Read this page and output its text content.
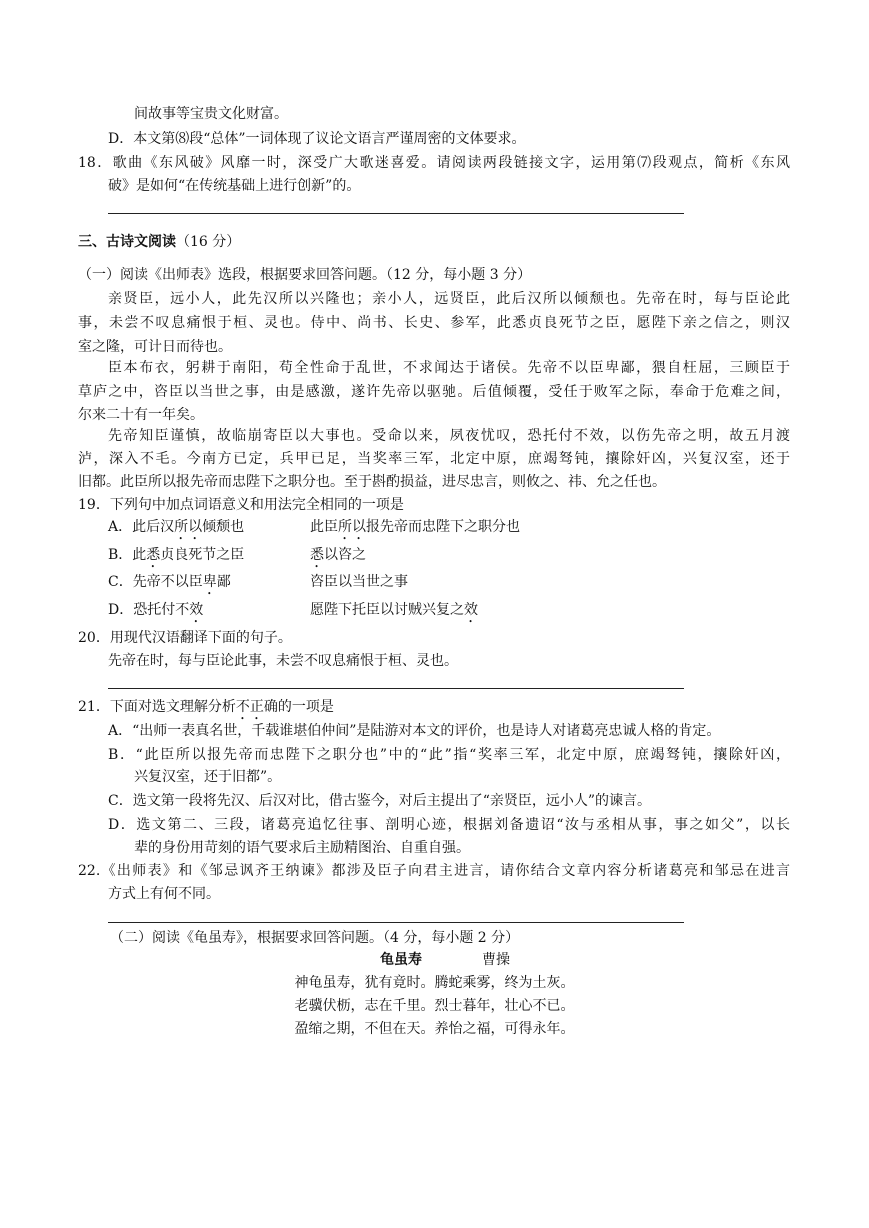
间故事等宝贵文化财富。
D．本文第⑻段“总体”一词体现了议论文语言严谨周密的文体要求。
18．歌曲《东风破》风靡一时，深受广大歌迷喜爱。请阅读两段链接文字，运用第⑺段观点，简析《东风
破》是如何“在传统基础上进行创新”的。
三、古诗文阅读（16 分）
（一）阅读《出师表》选段，根据要求回答问题。（12 分，每小题 3 分）
亲贤臣，远小人，此先汉所以兴隆也；亲小人，远贤臣，此后汉所以倾颓也。先帝在时，每与臣论此
事，未尝不叹息痛恨于桓、灵也。侍中、尚书、长史、参军，此悉贞良死节之臣，愿陛下亲之信之，则汉
室之隆，可计日而待也。
臣本布衣，躬耕于南阳，苟全性命于乱世，不求闻达于诸侯。先帝不以臣卑鄙，猥自枉屈，三顾臣于
草庐之中，咨臣以当世之事，由是感激，遂许先帝以驱驰。后值倾覆，受任于败军之际，奉命于危难之间，
尔来二十有一年矣。
先帝知臣谨慎，故临崩寄臣以大事也。受命以来，夙夜忧叹，恐托付不效，以伤先帝之明，故五月渡
泸，深入不毛。今南方已定，兵甲已足，当奖率三军，北定中原，庶竭驽钝，攘除奸凶，兴复汉室，还于
旧都。此臣所以报先帝而忠陛下之职分也。至于斟酌损益，进尽忠言，则攸之、祎、允之任也。
19．下列句中加点词语意义和用法完全相同的一项是
A．此后汉所以倾颓也	此臣所以报先帝而忠陛下之职分也
B．此悉贞良死节之臣	悉以咨之
C．先帝不以臣卑鄙	咨臣以当世之事
D．恐托付不效	愿陛下托臣以讨贼兴复之效
20．用现代汉语翻译下面的句子。
先帝在时，每与臣论此事，未尝不叹息痛恨于桓、灵也。
21．下面对选文理解分析不正确的一项是
A．“出师一表真名世，千载谁堪伯仲间”是陆游对本文的评价，也是诗人对诸葛亮忠诚人格的肯定。
B．“此臣所以报先帝而忠陛下之职分也”中的“此”指“奖率三军，北定中原，庶竭驽钝，攘除奸凶，
兴复汉室，还于旧都”。
C．选文第一段将先汉、后汉对比，借古鉴今，对后主提出了“亲贤臣，远小人”的谏言。
D．选文第二、三段，诸葛亮追忆往事、剖明心迹，根据刘备遗诏“汝与丞相从事，事之如父”，以长
辈的身份用苛刻的语气要求后主励精图治、自重自强。
22.《出师表》和《邹忌讽齐王纳谏》都涉及臣子向君主进言，请你结合文章内容分析诸葛亮和邹忌在进言
方式上有何不同。
（二）阅读《龟虽寿》，根据要求回答问题。（4 分，每小题 2 分）
龟虽寿	曹操
神龟虽寿，犹有竟时。腾蛇乘雾，终为土灰。
老骥伏枥，志在千里。烈士暮年，壮心不已。
盈缩之期，不但在天。养怡之福，可得永年。
